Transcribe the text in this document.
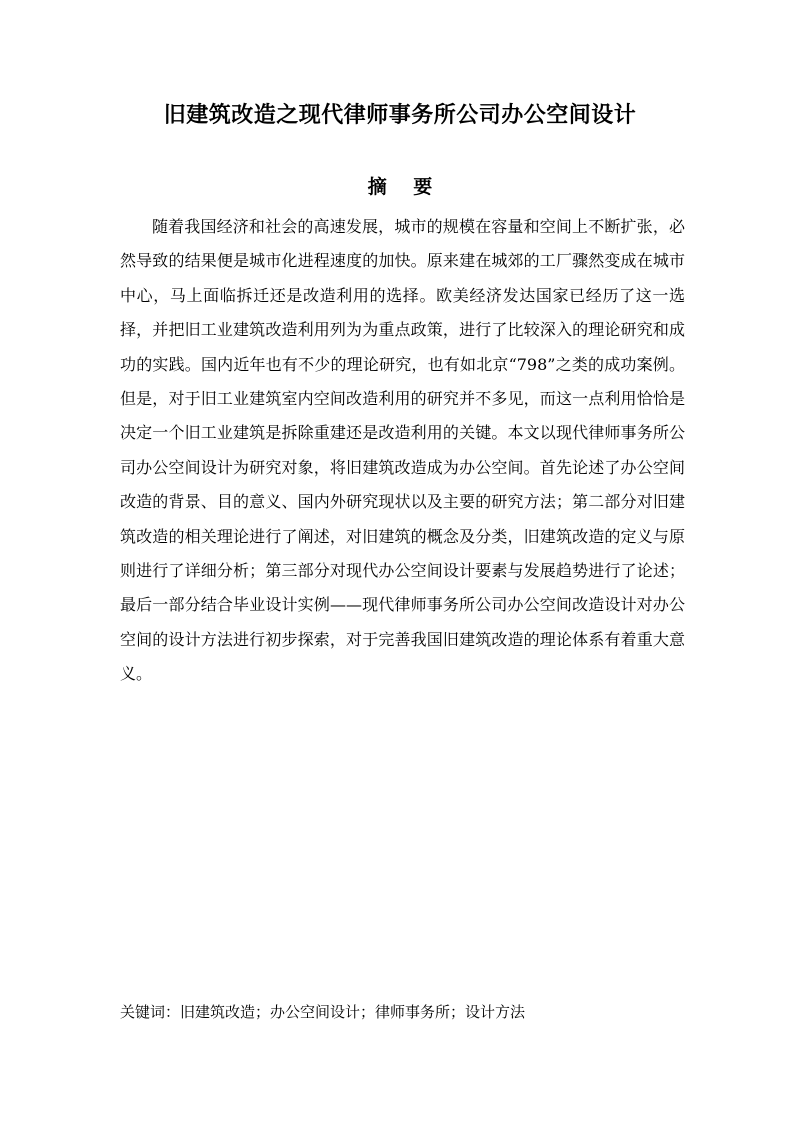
旧建筑改造之现代律师事务所公司办公空间设计
摘 要

随着我国经济和社会的高速发展，城市的规模在容量和空间上不断扩张，必然导致的结果便是城市化进程速度的加快。原来建在城郊的工厂骤然变成在城市中心，马上面临拆迁还是改造利用的选择。欧美经济发达国家已经历了这一选择，并把旧工业建筑改造利用列为为重点政策，进行了比较深入的理论研究和成功的实践。国内近年也有不少的理论研究，也有如北京“798”之类的成功案例。但是，对于旧工业建筑室内空间改造利用的研究并不多见，而这一点利用恰恰是决定一个旧工业建筑是拆除重建还是改造利用的关键。本文以现代律师事务所公司办公空间设计为研究对象，将旧建筑改造成为办公空间。首先论述了办公空间改造的背景、目的意义、国内外研究现状以及主要的研究方法；第二部分对旧建筑改造的相关理论进行了阐述，对旧建筑的概念及分类，旧建筑改造的定义与原则进行了详细分析；第三部分对现代办公空间设计要素与发展趋势进行了论述；最后一部分结合毕业设计实例——现代律师事务所公司办公空间改造设计对办公空间的设计方法进行初步探索，对于完善我国旧建筑改造的理论体系有着重大意义。

关键词：旧建筑改造；办公空间设计；律师事务所；设计方法
